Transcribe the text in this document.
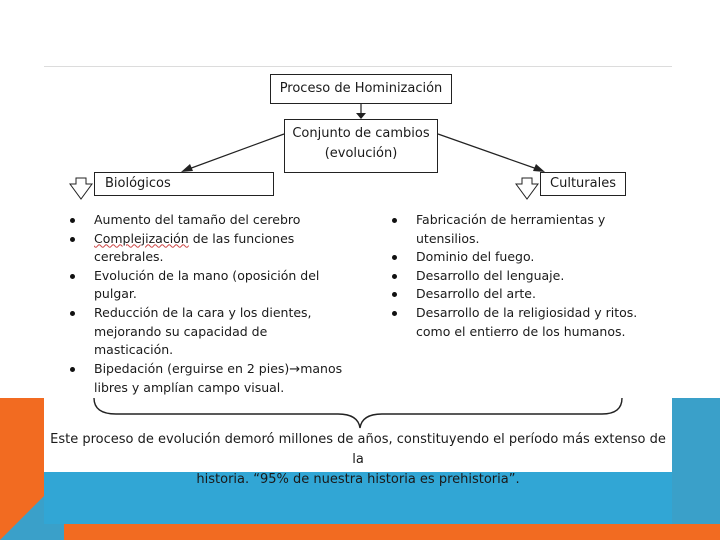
Proceso de Hominización
Conjunto de cambios
(evolución)
Biológicos	Culturales
Aumento del tamaño del cerebro
Complejización de las funciones
cerebrales.
Evolución de la mano (oposición del
pulgar.
Reducción de la cara y los dientes,
mejorando su capacidad de
masticación.
Bipedación (erguirse en 2 pies)→manos
libres y amplían campo visual.
Fabricación de herramientas y
utensilios.
Dominio del fuego.
Desarrollo del lenguaje.
Desarrollo del arte.
Desarrollo de la religiosidad y ritos.
como el entierro de los humanos.

Este proceso de evolución demoró millones de años, constituyendo el período más extenso de la
historia. “95% de nuestra historia es prehistoria”.
